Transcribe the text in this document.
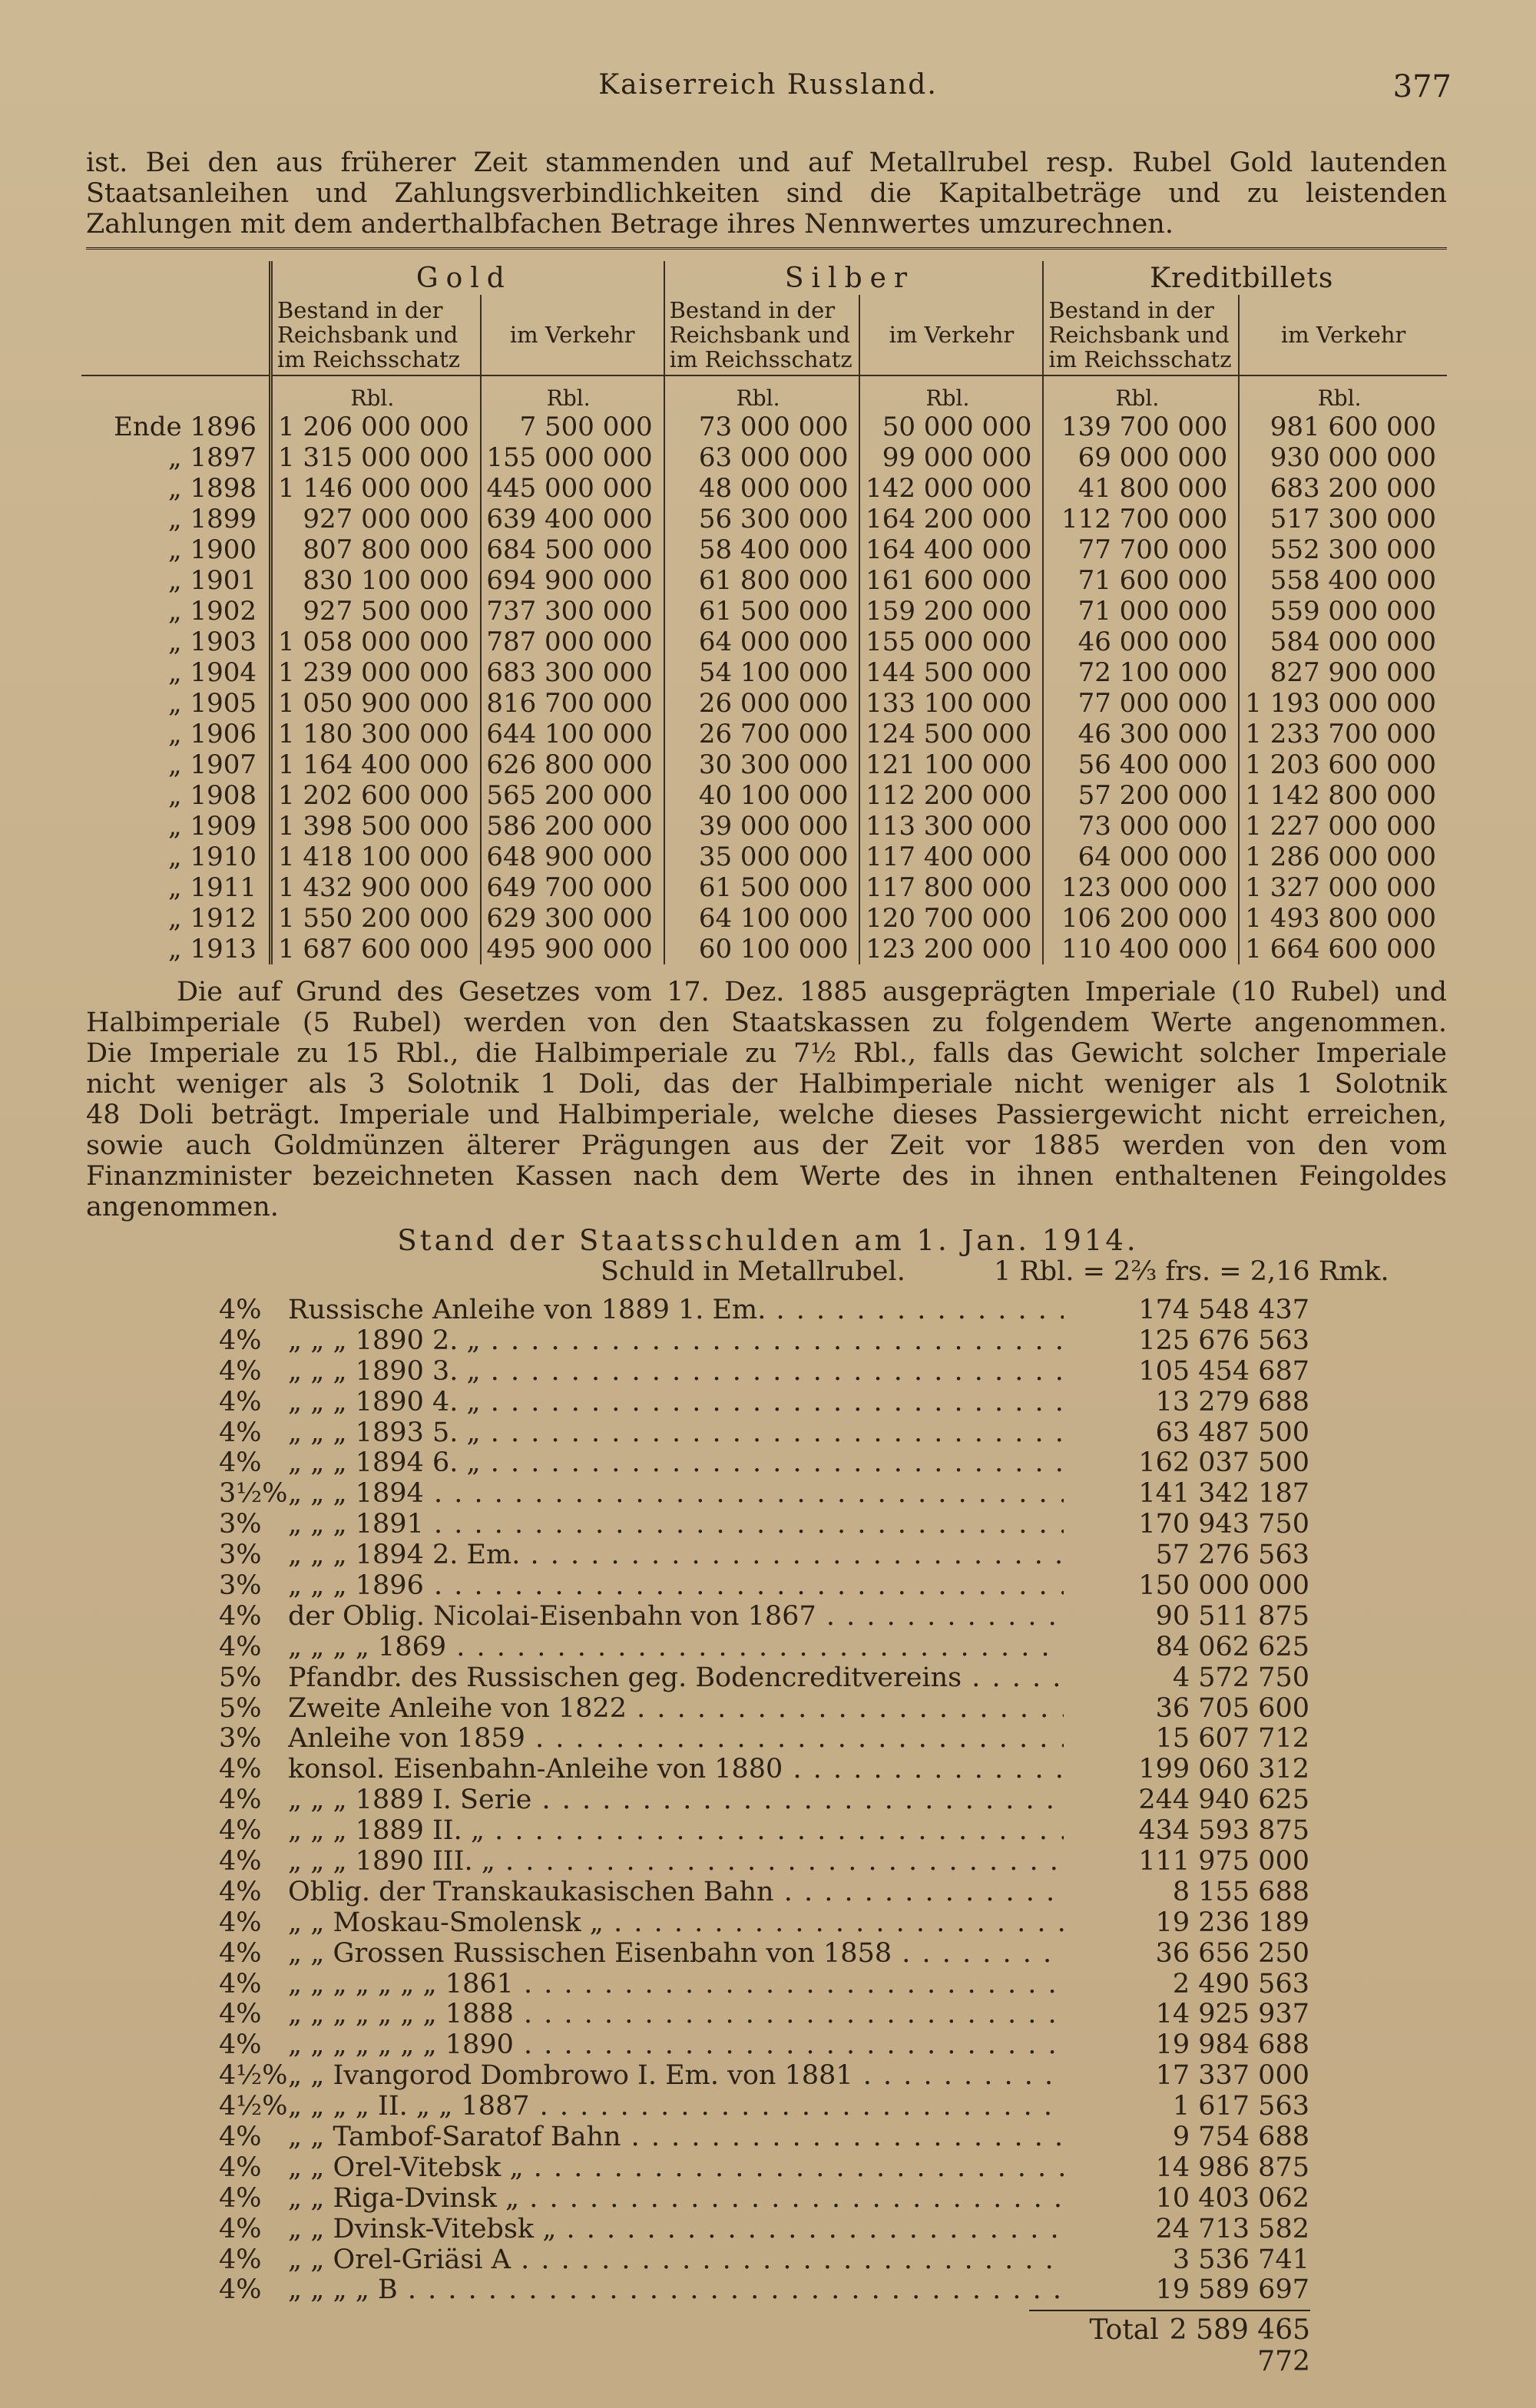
Kaiserreich Russland.	377
ist. Bei den aus früherer Zeit stammenden und auf Metallrubel resp. Rubel Gold lautenden
Staatsanleihen und Zahlungsverbindlichkeiten sind die Kapitalbeträge und zu leistenden
Zahlungen mit dem anderthalbfachen Betrage ihres Nennwertes umzurechnen.
	Gold		Silber		Kreditbillets	
	Bestand in der
Reichsbank und
im Reichsschatz	im Verkehr	Bestand in der
Reichsbank und
im Reichsschatz	im Verkehr	Bestand in der
Reichsbank und
im Reichsschatz	im Verkehr
	Rbl.	Rbl.	Rbl.	Rbl.	Rbl.	Rbl.
Ende 1896	1 206 000 000	7 500 000	73 000 000	50 000 000	139 700 000	981 600 000
„ 1897	1 315 000 000	155 000 000	63 000 000	99 000 000	69 000 000	930 000 000
„ 1898	1 146 000 000	445 000 000	48 000 000	142 000 000	41 800 000	683 200 000
„ 1899	927 000 000	639 400 000	56 300 000	164 200 000	112 700 000	517 300 000
„ 1900	807 800 000	684 500 000	58 400 000	164 400 000	77 700 000	552 300 000
„ 1901	830 100 000	694 900 000	61 800 000	161 600 000	71 600 000	558 400 000
„ 1902	927 500 000	737 300 000	61 500 000	159 200 000	71 000 000	559 000 000
„ 1903	1 058 000 000	787 000 000	64 000 000	155 000 000	46 000 000	584 000 000
„ 1904	1 239 000 000	683 300 000	54 100 000	144 500 000	72 100 000	827 900 000
„ 1905	1 050 900 000	816 700 000	26 000 000	133 100 000	77 000 000	1 193 000 000
„ 1906	1 180 300 000	644 100 000	26 700 000	124 500 000	46 300 000	1 233 700 000
„ 1907	1 164 400 000	626 800 000	30 300 000	121 100 000	56 400 000	1 203 600 000
„ 1908	1 202 600 000	565 200 000	40 100 000	112 200 000	57 200 000	1 142 800 000
„ 1909	1 398 500 000	586 200 000	39 000 000	113 300 000	73 000 000	1 227 000 000
„ 1910	1 418 100 000	648 900 000	35 000 000	117 400 000	64 000 000	1 286 000 000
„ 1911	1 432 900 000	649 700 000	61 500 000	117 800 000	123 000 000	1 327 000 000
„ 1912	1 550 200 000	629 300 000	64 100 000	120 700 000	106 200 000	1 493 800 000
„ 1913	1 687 600 000	495 900 000	60 100 000	123 200 000	110 400 000	1 664 600 000
Die auf Grund des Gesetzes vom 17. Dez. 1885 ausgeprägten Imperiale (10 Rubel) und
Halbimperiale (5 Rubel) werden von den Staatskassen zu folgendem Werte angenommen.
Die Imperiale zu 15 Rbl., die Halbimperiale zu 7½ Rbl., falls das Gewicht solcher Imperiale
nicht weniger als 3 Solotnik 1 Doli, das der Halbimperiale nicht weniger als 1 Solotnik
48 Doli beträgt. Imperiale und Halbimperiale, welche dieses Passiergewicht nicht erreichen,
sowie auch Goldmünzen älterer Prägungen aus der Zeit vor 1885 werden von den vom
Finanzminister bezeichneten Kassen nach dem Werte des in ihnen enthaltenen Feingoldes
angenommen.
Stand der Staatsschulden am 1. Jan. 1914.
Schuld in Metallrubel.	1 Rbl. = 2⅔ frs. = 2,16 Rmk.
4% Russische Anleihe von 1889 1. Em. . . .	174 548 437
4% „ „ „ 1890 2. „ . . .	125 676 563
4% „ „ „ 1890 3. „ . . .	105 454 687
4% „ „ „ 1890 4. „ . . .	13 279 688
4% „ „ „ 1893 5. „ . . .	63 487 500
4% „ „ „ 1894 6. „ . . .	162 037 500
3½% „ „ „ 1894 . . .	141 342 187
3% „ „ „ 1891 . . .	170 943 750
3% „ „ „ 1894 2. Em. . . .	57 276 563
3% „ „ „ 1896 . . .	150 000 000
4% der Oblig. Nicolai-Eisenbahn von 1867 . . .	90 511 875
4% „ „ „ „ 1869 . . .	84 062 625
5% Pfandbr. des Russischen geg. Bodencreditvereins . . .	4 572 750
5% Zweite Anleihe von 1822 . . .	36 705 600
3% Anleihe von 1859 . . .	15 607 712
4% konsol. Eisenbahn-Anleihe von 1880 . . .	199 060 312
4% „ „ „ 1889 I. Serie . . .	244 940 625
4% „ „ „ 1889 II. „ . . .	434 593 875
4% „ „ „ 1890 III. „ . . .	111 975 000
4% Oblig. der Transkaukasischen Bahn . . .	8 155 688
4% „ „ Moskau-Smolensk „ . . .	19 236 189
4% „ „ Grossen Russischen Eisenbahn von 1858 . . .	36 656 250
4% „ „ „ „ „ „ „ 1861 . . .	2 490 563
4% „ „ „ „ „ „ „ 1888 . . .	14 925 937
4% „ „ „ „ „ „ „ 1890 . . .	19 984 688
4½% „ „ Ivangorod Dombrowo I. Em. von 1881 . . .	17 337 000
4½% „ „ „ „ II. „ „ 1887 . . .	1 617 563
4% „ „ Tambof-Saratof Bahn . . .	9 754 688
4% „ „ Orel-Vitebsk „ . . .	14 986 875
4% „ „ Riga-Dvinsk „ . . .	10 403 062
4% „ „ Dvinsk-Vitebsk „ . . .	24 713 582
4% „ „ Orel-Griäsi A . . .	3 536 741
4% „ „ „ „ B . . .	19 589 697
Total 2 589 465 772
